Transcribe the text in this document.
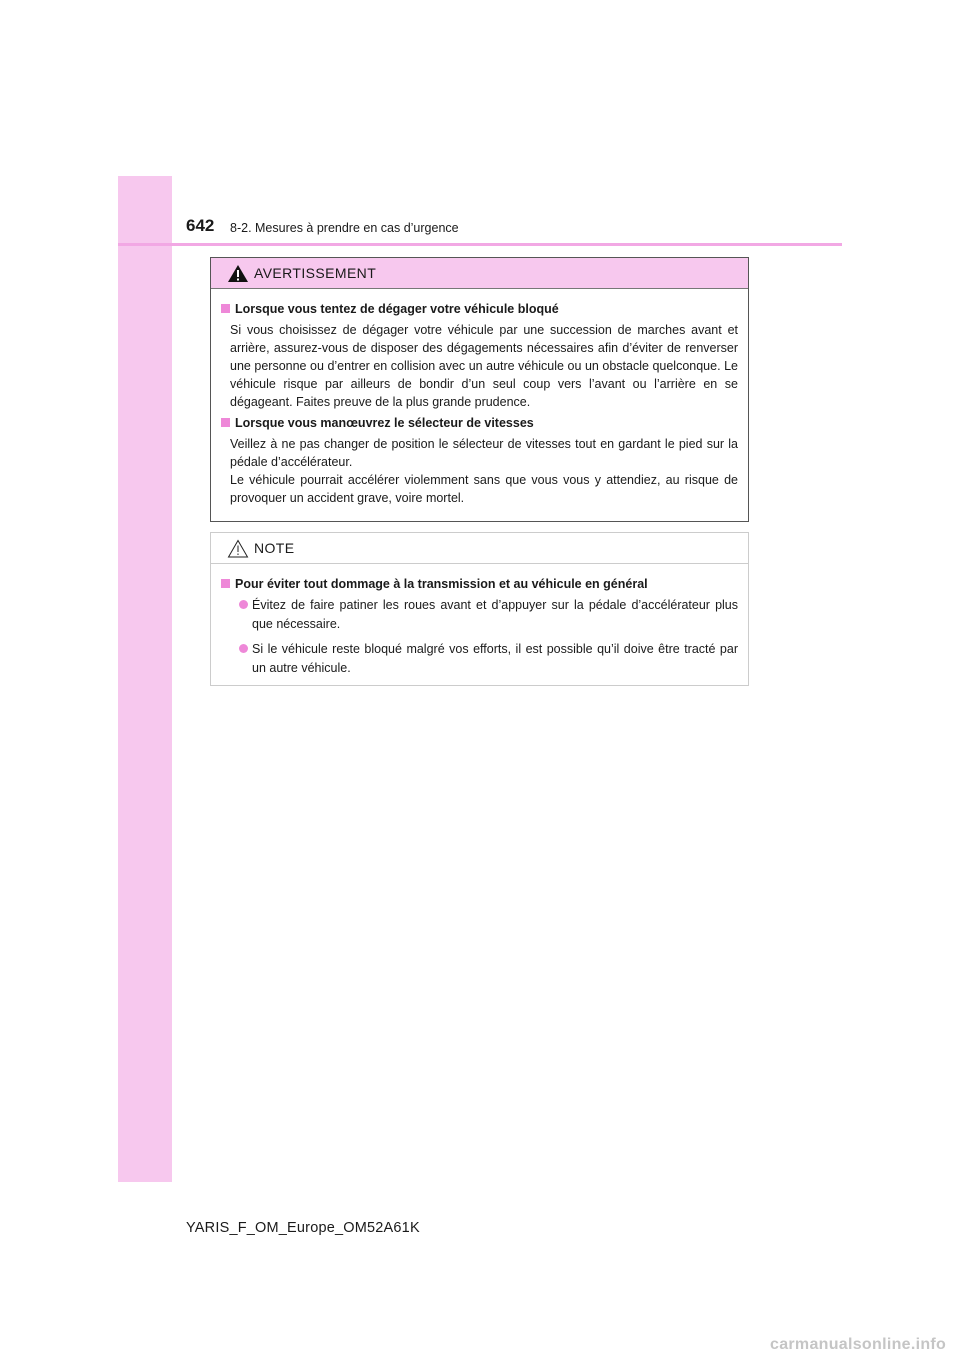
642 8-2. Mesures à prendre en cas d’urgence
AVERTISSEMENT
Lorsque vous tentez de dégager votre véhicule bloqué

Si vous choisissez de dégager votre véhicule par une succession de marches avant et arrière, assurez-vous de disposer des dégagements nécessaires afin d’éviter de renverser une personne ou d’entrer en collision avec un autre véhicule ou un obstacle quelconque. Le véhicule risque par ailleurs de bondir d’un seul coup vers l’avant ou l’arrière en se dégageant. Faites preuve de la plus grande prudence.

Lorsque vous manœuvrez le sélecteur de vitesses

Veillez à ne pas changer de position le sélecteur de vitesses tout en gardant le pied sur la pédale d’accélérateur.
Le véhicule pourrait accélérer violemment sans que vous vous y attendiez, au risque de provoquer un accident grave, voire mortel.

NOTE
Pour éviter tout dommage à la transmission et au véhicule en général
Évitez de faire patiner les roues avant et d’appuyer sur la pédale d’accélérateur plus que nécessaire.
Si le véhicule reste bloqué malgré vos efforts, il est possible qu’il doive être tracté par un autre véhicule.
YARIS_F_OM_Europe_OM52A61K
carmanualsonline.info
